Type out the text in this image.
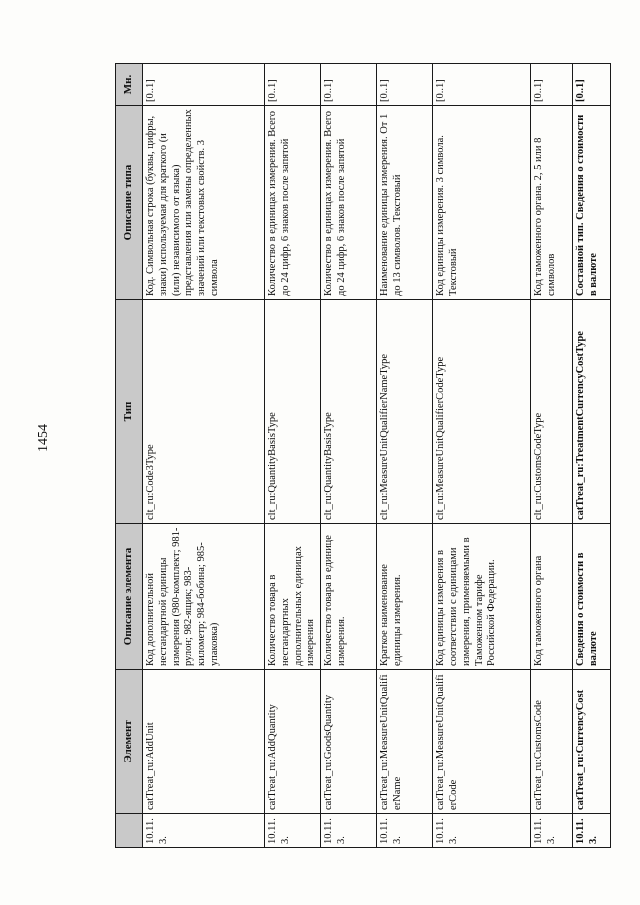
1454
	Элемент	Описание элемента	Тип	Описание типа	Мн.
10.11.3.	catTreat_ru:AddUnit	Код дополнительной нестандартной единицы измерения (980-комплект; 981-рулон; 982-ящик; 983-километр; 984-бобина; 985-упаковка)	clt_ru:Code3Type	Код. Символьная строка (буквы, цифры, знаки) используемая для краткого (и (или) независимого от языка) представления или замены определенных значений или текстовых свойств. 3 символа	[0..1]
10.11.3.	catTreat_ru:AddQuantity	Количество товара в нестандартных дополнительных единицах измерения	clt_ru:QuantityBasisType	Количество в единицах измерения. Всего до 24 цифр, 6 знаков после запятой	[0..1]
10.11.3.	catTreat_ru:GoodsQuantity	Количество товара в единице измерения.	clt_ru:QuantityBasisType	Количество в единицах измерения. Всего до 24 цифр, 6 знаков после запятой	[0..1]
10.11.3.	catTreat_ru:MeasureUnitQualifierName	Краткое наименование единицы измерения.	clt_ru:MeasureUnitQualifierNameType	Наименование единицы измерения. От 1 до 13 символов. Текстовый	[0..1]
10.11.3.	catTreat_ru:MeasureUnitQualifierCode	Код единицы измерения в соответствии с единицами измерения, применяемыми в Таможенном тарифе Российской Федерации.	clt_ru:MeasureUnitQualifierCodeType	Код единицы измерения. 3 символа. Текстовый	[0..1]
10.11.3.	catTreat_ru:CustomsCode	Код таможенного органа	clt_ru:CustomsCodeType	Код таможенного органа. 2, 5 или 8 символов	[0..1]
10.11.3.	catTreat_ru:CurrencyCost	Сведения о стоимости в валюте	catTreat_ru:TreatmentCurrencyCostType	Составной тип. Сведения о стоимости в валюте	[0..1]
